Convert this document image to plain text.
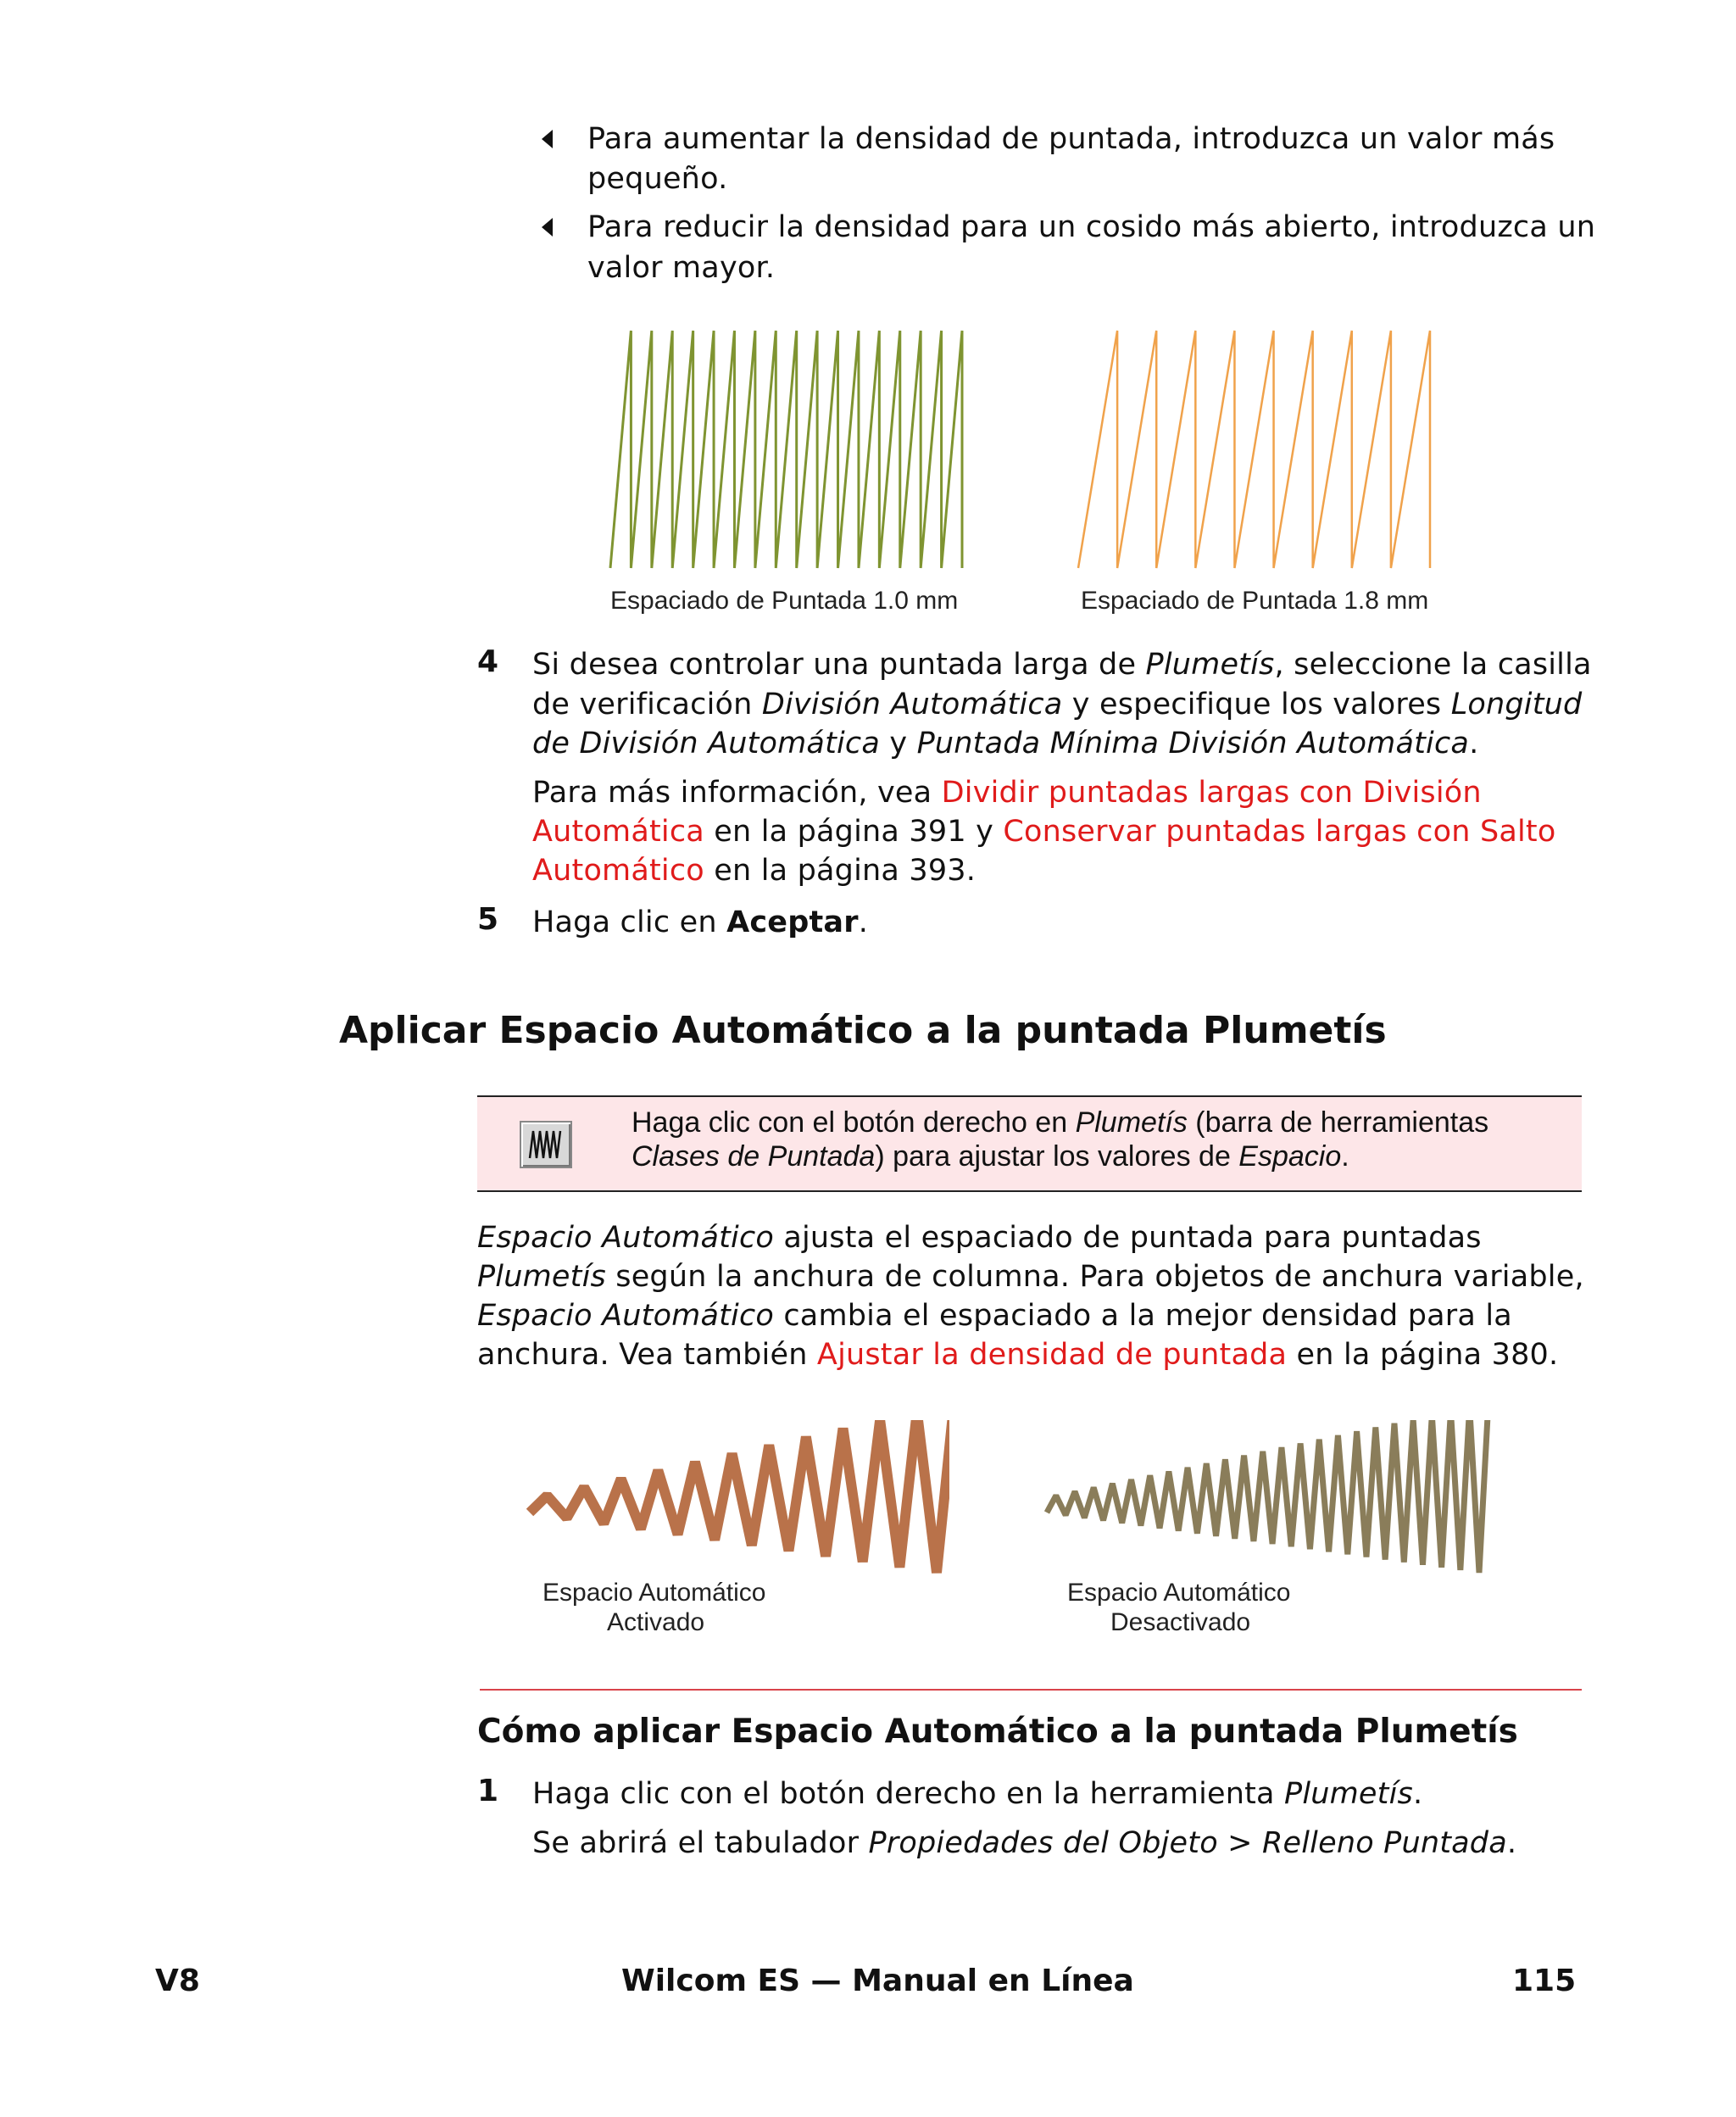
Para aumentar la densidad de puntada, introduzca un valor más
pequeño.
Para reducir la densidad para un cosido más abierto, introduzca un
valor mayor.
Espaciado de Puntada 1.0 mm	Espaciado de Puntada 1.8 mm
4 Si desea controlar una puntada larga de Plumetís, seleccione la casilla
de verificación División Automática y especifique los valores Longitud
de División Automática y Puntada Mínima División Automática.
Para más información, vea Dividir puntadas largas con División
Automática en la página 391 y Conservar puntadas largas con Salto
Automático en la página 393.
5 Haga clic en Aceptar.
Aplicar Espacio Automático a la puntada Plumetís
Haga clic con el botón derecho en Plumetís (barra de herramientas
Clases de Puntada) para ajustar los valores de Espacio.
Espacio Automático ajusta el espaciado de puntada para puntadas
Plumetís según la anchura de columna. Para objetos de anchura variable,
Espacio Automático cambia el espaciado a la mejor densidad para la
anchura. Vea también Ajustar la densidad de puntada en la página 380.
Espacio Automático
Activado
Espacio Automático
Desactivado
Cómo aplicar Espacio Automático a la puntada Plumetís
1 Haga clic con el botón derecho en la herramienta Plumetís.
Se abrirá el tabulador Propiedades del Objeto > Relleno Puntada.
V8	Wilcom ES — Manual en Línea	115
